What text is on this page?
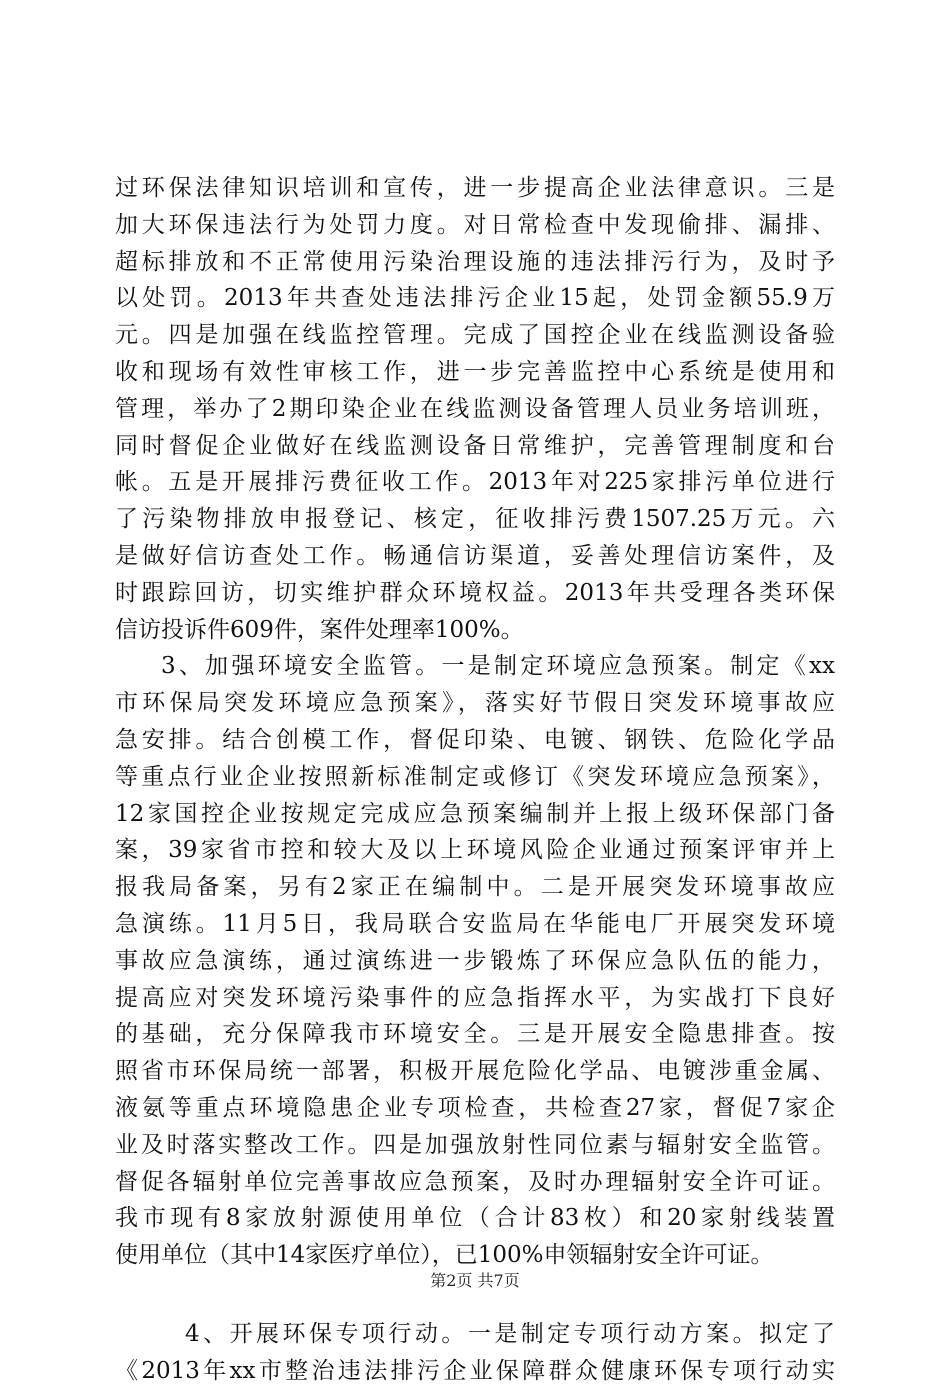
过环保法律知识培训和宣传，进一步提高企业法律意识。三是
加大环保违法行为处罚力度。对日常检查中发现偷排、漏排、
超标排放和不正常使用污染治理设施的违法排污行为，及时予
以处罚。2013年共查处违法排污企业15起，处罚金额55.9万
元。四是加强在线监控管理。完成了国控企业在线监测设备验
收和现场有效性审核工作，进一步完善监控中心系统是使用和
管理，举办了2期印染企业在线监测设备管理人员业务培训班，
同时督促企业做好在线监测设备日常维护，完善管理制度和台
帐。五是开展排污费征收工作。2013年对225家排污单位进行
了污染物排放申报登记、核定，征收排污费1507.25万元。六
是做好信访查处工作。畅通信访渠道，妥善处理信访案件，及
时跟踪回访，切实维护群众环境权益。2013年共受理各类环保
信访投诉件609件，案件处理率100%。
3、加强环境安全监管。一是制定环境应急预案。制定《xx
市环保局突发环境应急预案》，落实好节假日突发环境事故应
急安排。结合创模工作，督促印染、电镀、钢铁、危险化学品
等重点行业企业按照新标准制定或修订《突发环境应急预案》，
12家国控企业按规定完成应急预案编制并上报上级环保部门备
案，39家省市控和较大及以上环境风险企业通过预案评审并上
报我局备案，另有2家正在编制中。二是开展突发环境事故应
急演练。11月5日，我局联合安监局在华能电厂开展突发环境
事故应急演练，通过演练进一步锻炼了环保应急队伍的能力，
提高应对突发环境污染事件的应急指挥水平，为实战打下良好
的基础，充分保障我市环境安全。三是开展安全隐患排查。按
照省市环保局统一部署，积极开展危险化学品、电镀涉重金属、
液氨等重点环境隐患企业专项检查，共检查27家，督促7家企
业及时落实整改工作。四是加强放射性同位素与辐射安全监管。
督促各辐射单位完善事故应急预案，及时办理辐射安全许可证。
我市现有8家放射源使用单位（合计83枚）和20家射线装置
使用单位（其中14家医疗单位），已100%申领辐射安全许可证。
4、开展环保专项行动。一是制定专项行动方案。拟定了
《2013年xx市整治违法排污企业保障群众健康环保专项行动实
第2页 共7页
